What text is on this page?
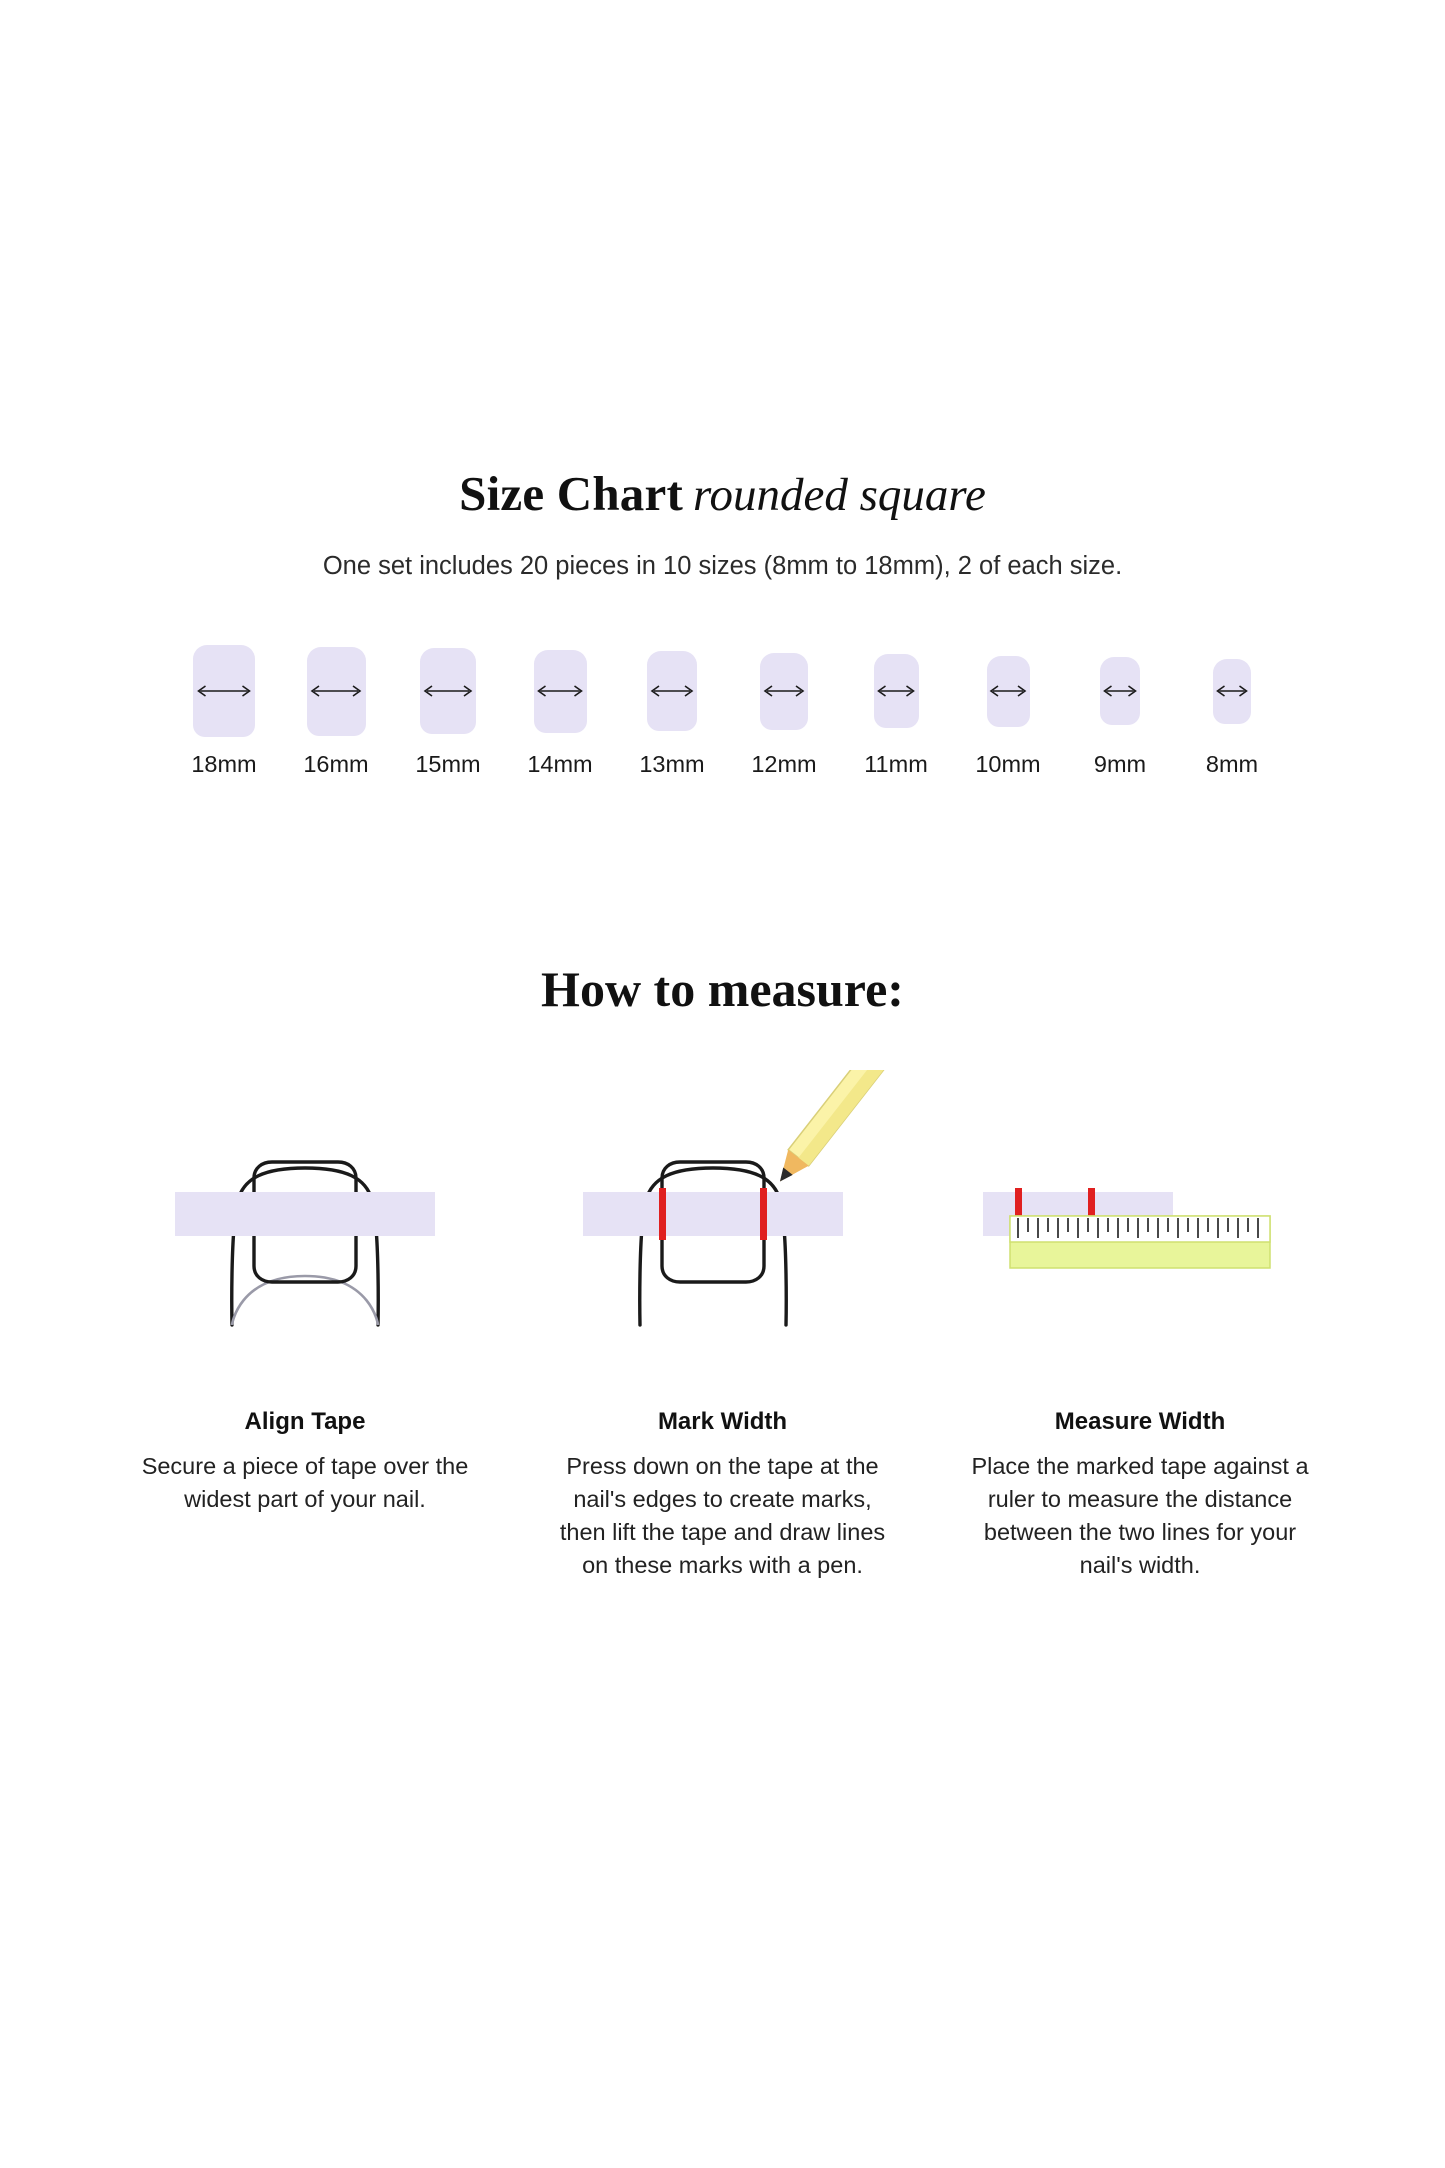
Size Chart rounded square
One set includes 20 pieces in 10 sizes (8mm to 18mm), 2 of each size.
18mm 16mm 15mm 14mm 13mm 12mm 11mm 10mm 9mm	8mm
How to measure:
Align Tape
Secure a piece of tape over the widest part of your nail.
Mark Width
Press down on the tape at the nail's edges to create marks, then lift the tape and draw lines on these marks with a pen.
Measure Width
Place the marked tape against a ruler to measure the distance between the two lines for your nail's width.
